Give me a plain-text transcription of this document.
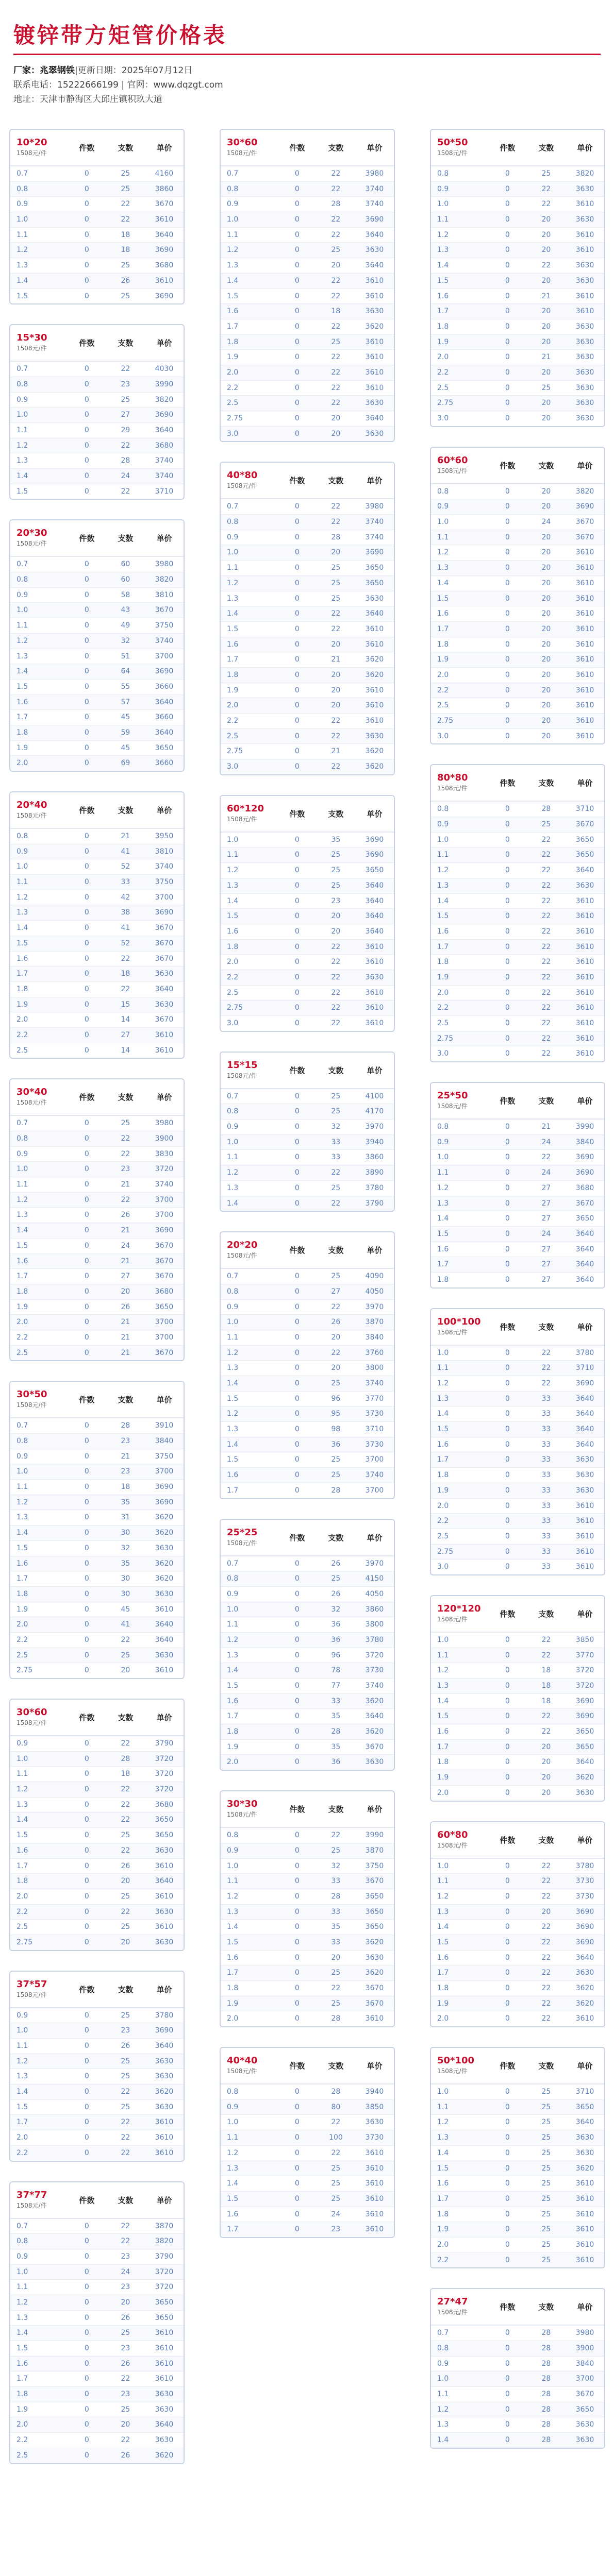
镀锌带方矩管价格表
厂家：兆翠钢铁|更新日期：2025年07月12日
联系电话：15222666199 | 官网：www.dqzgt.com
地址：天津市静海区大邱庄镇积玖大道
10*20
1508元/件
件数	支数	单价
0.7	0	25	4160
0.8	0	25	3860
0.9	0	22	3670
1.0	0	22	3610
1.1	0	18	3640
1.2	0	18	3690
1.3	0	25	3680
1.4	0	26	3610
1.5	0	25	3690
15*30
1508元/件
件数	支数	单价
0.7	0	22	4030
0.8	0	23	3990
0.9	0	25	3820
1.0	0	27	3690
1.1	0	29	3640
1.2	0	22	3680
1.3	0	28	3740
1.4	0	24	3740
1.5	0	22	3710
20*30
1508元/件
件数	支数	单价
0.7	0	60	3980
0.8	0	60	3820
0.9	0	58	3810
1.0	0	43	3670
1.1	0	49	3750
1.2	0	32	3740
1.3	0	51	3700
1.4	0	64	3690
1.5	0	55	3660
1.6	0	57	3640
1.7	0	45	3660
1.8	0	59	3640
1.9	0	45	3650
2.0	0	69	3660
20*40
1508元/件
件数	支数	单价
0.8	0	21	3950
0.9	0	41	3810
1.0	0	52	3740
1.1	0	33	3750
1.2	0	42	3700
1.3	0	38	3690
1.4	0	41	3670
1.5	0	52	3670
1.6	0	22	3670
1.7	0	18	3630
1.8	0	22	3640
1.9	0	15	3630
2.0	0	14	3670
2.2	0	27	3610
2.5	0	14	3610
30*40
1508元/件
件数	支数	单价
0.7	0	25	3980
0.8	0	22	3900
0.9	0	22	3830
1.0	0	23	3720
1.1	0	21	3740
1.2	0	22	3700
1.3	0	26	3700
1.4	0	21	3690
1.5	0	24	3670
1.6	0	21	3670
1.7	0	27	3670
1.8	0	20	3680
1.9	0	26	3650
2.0	0	21	3700
2.2	0	21	3700
2.5	0	21	3670
30*50
1508元/件
件数	支数	单价
0.7	0	28	3910
0.8	0	23	3840
0.9	0	21	3750
1.0	0	23	3700
1.1	0	18	3690
1.2	0	35	3690
1.3	0	31	3620
1.4	0	30	3620
1.5	0	32	3630
1.6	0	35	3620
1.7	0	30	3620
1.8	0	30	3630
1.9	0	45	3610
2.0	0	41	3640
2.2	0	22	3640
2.5	0	25	3630
2.75	0	20	3610
30*60
1508元/件
件数	支数	单价
0.9	0	22	3790
1.0	0	28	3720
1.1	0	18	3720
1.2	0	22	3720
1.3	0	22	3680
1.4	0	22	3650
1.5	0	25	3650
1.6	0	22	3630
1.7	0	26	3610
1.8	0	20	3640
2.0	0	25	3610
2.2	0	22	3630
2.5	0	25	3610
2.75	0	20	3630
37*57
1508元/件
件数	支数	单价
0.9	0	25	3780
1.0	0	23	3690
1.1	0	26	3640
1.2	0	25	3630
1.3	0	25	3630
1.4	0	22	3620
1.5	0	25	3630
1.7	0	22	3610
2.0	0	22	3610
2.2	0	22	3610
37*77
1508元/件
件数	支数	单价
0.7	0	22	3870
0.8	0	22	3820
0.9	0	23	3790
1.0	0	24	3720
1.1	0	23	3720
1.2	0	20	3650
1.3	0	26	3650
1.4	0	25	3610
1.5	0	23	3610
1.6	0	26	3610
1.7	0	22	3610
1.8	0	23	3630
1.9	0	25	3630
2.0	0	20	3640
2.2	0	22	3630
2.5	0	26	3620
30*60
1508元/件
件数	支数	单价
0.7	0	22	3980
0.8	0	22	3740
0.9	0	28	3740
1.0	0	22	3690
1.1	0	22	3640
1.2	0	25	3630
1.3	0	20	3640
1.4	0	22	3610
1.5	0	22	3610
1.6	0	18	3630
1.7	0	22	3620
1.8	0	25	3610
1.9	0	22	3610
2.0	0	22	3610
2.2	0	22	3610
2.5	0	22	3630
2.75	0	20	3640
3.0	0	20	3630
40*80
1508元/件
件数	支数	单价
0.7	0	22	3980
0.8	0	22	3740
0.9	0	28	3740
1.0	0	20	3690
1.1	0	25	3650
1.2	0	25	3650
1.3	0	25	3630
1.4	0	22	3640
1.5	0	22	3610
1.6	0	20	3610
1.7	0	21	3620
1.8	0	20	3620
1.9	0	20	3610
2.0	0	20	3610
2.2	0	22	3610
2.5	0	22	3630
2.75	0	21	3620
3.0	0	22	3620
60*120
1508元/件
件数	支数	单价
1.0	0	35	3690
1.1	0	25	3690
1.2	0	25	3650
1.3	0	25	3640
1.4	0	23	3640
1.5	0	20	3640
1.6	0	20	3640
1.8	0	22	3610
2.0	0	22	3610
2.2	0	22	3630
2.5	0	22	3610
2.75	0	22	3610
3.0	0	22	3610
15*15
1508元/件
件数	支数	单价
0.7	0	25	4100
0.8	0	25	4170
0.9	0	32	3970
1.0	0	33	3940
1.1	0	33	3860
1.2	0	22	3890
1.3	0	25	3780
1.4	0	22	3790
20*20
1508元/件
件数	支数	单价
0.7	0	25	4090
0.8	0	27	4050
0.9	0	22	3970
1.0	0	26	3870
1.1	0	20	3840
1.2	0	22	3760
1.3	0	20	3800
1.4	0	25	3740
1.5	0	96	3770
1.2	0	95	3730
1.3	0	98	3710
1.4	0	36	3730
1.5	0	25	3700
1.6	0	25	3740
1.7	0	28	3700
25*25
1508元/件
件数	支数	单价
0.7	0	26	3970
0.8	0	25	4150
0.9	0	26	4050
1.0	0	32	3860
1.1	0	36	3800
1.2	0	36	3780
1.3	0	96	3720
1.4	0	78	3730
1.5	0	77	3740
1.6	0	33	3620
1.7	0	35	3640
1.8	0	28	3620
1.9	0	35	3670
2.0	0	36	3630
30*30
1508元/件
件数	支数	单价
0.8	0	22	3990
0.9	0	25	3870
1.0	0	32	3750
1.1	0	33	3670
1.2	0	28	3650
1.3	0	33	3650
1.4	0	35	3650
1.5	0	33	3620
1.6	0	20	3630
1.7	0	25	3620
1.8	0	22	3670
1.9	0	25	3670
2.0	0	28	3610
40*40
1508元/件
件数	支数	单价
0.8	0	28	3940
0.9	0	80	3850
1.0	0	22	3630
1.1	0	100	3730
1.2	0	22	3610
1.3	0	25	3610
1.4	0	25	3610
1.5	0	25	3610
1.6	0	24	3610
1.7	0	23	3610
50*50
1508元/件
件数	支数	单价
0.8	0	25	3820
0.9	0	22	3630
1.0	0	22	3610
1.1	0	20	3630
1.2	0	20	3610
1.3	0	20	3610
1.4	0	22	3630
1.5	0	20	3630
1.6	0	21	3610
1.7	0	20	3610
1.8	0	20	3630
1.9	0	20	3630
2.0	0	21	3630
2.2	0	20	3630
2.5	0	25	3630
2.75	0	20	3630
3.0	0	20	3630
60*60
1508元/件
件数	支数	单价
0.8	0	20	3820
0.9	0	20	3690
1.0	0	24	3670
1.1	0	20	3670
1.2	0	20	3610
1.3	0	20	3610
1.4	0	20	3610
1.5	0	20	3610
1.6	0	20	3610
1.7	0	20	3610
1.8	0	20	3610
1.9	0	20	3610
2.0	0	20	3610
2.2	0	20	3610
2.5	0	20	3610
2.75	0	20	3610
3.0	0	20	3610
80*80
1508元/件
件数	支数	单价
0.8	0	28	3710
0.9	0	25	3670
1.0	0	22	3650
1.1	0	22	3650
1.2	0	22	3640
1.3	0	22	3630
1.4	0	22	3610
1.5	0	22	3610
1.6	0	22	3610
1.7	0	22	3610
1.8	0	22	3610
1.9	0	22	3610
2.0	0	22	3610
2.2	0	22	3610
2.5	0	22	3610
2.75	0	22	3610
3.0	0	22	3610
25*50
1508元/件
件数	支数	单价
0.8	0	21	3990
0.9	0	24	3840
1.0	0	22	3690
1.1	0	24	3690
1.2	0	27	3680
1.3	0	27	3670
1.4	0	27	3650
1.5	0	24	3640
1.6	0	27	3640
1.7	0	27	3640
1.8	0	27	3640
100*100
1508元/件
件数	支数	单价
1.0	0	22	3780
1.1	0	22	3710
1.2	0	22	3690
1.3	0	33	3640
1.4	0	33	3640
1.5	0	33	3640
1.6	0	33	3640
1.7	0	33	3630
1.8	0	33	3630
1.9	0	33	3630
2.0	0	33	3610
2.2	0	33	3610
2.5	0	33	3610
2.75	0	33	3610
3.0	0	33	3610
120*120
1508元/件
件数	支数	单价
1.0	0	22	3850
1.1	0	22	3770
1.2	0	18	3720
1.3	0	18	3720
1.4	0	18	3690
1.5	0	22	3690
1.6	0	22	3650
1.7	0	20	3650
1.8	0	20	3640
1.9	0	20	3620
2.0	0	20	3630
60*80
1508元/件
件数	支数	单价
1.0	0	22	3780
1.1	0	22	3730
1.2	0	22	3730
1.3	0	20	3690
1.4	0	22	3690
1.5	0	22	3690
1.6	0	22	3640
1.7	0	22	3630
1.8	0	22	3620
1.9	0	22	3620
2.0	0	22	3610
50*100
1508元/件
件数	支数	单价
1.0	0	25	3710
1.1	0	25	3650
1.2	0	25	3640
1.3	0	25	3630
1.4	0	25	3630
1.5	0	25	3620
1.6	0	25	3610
1.7	0	25	3610
1.8	0	25	3610
1.9	0	25	3610
2.0	0	25	3610
2.2	0	25	3610
27*47
1508元/件
件数	支数	单价
0.7	0	28	3980
0.8	0	28	3900
0.9	0	28	3840
1.0	0	28	3700
1.1	0	28	3670
1.2	0	28	3650
1.3	0	28	3630
1.4	0	28	3630
